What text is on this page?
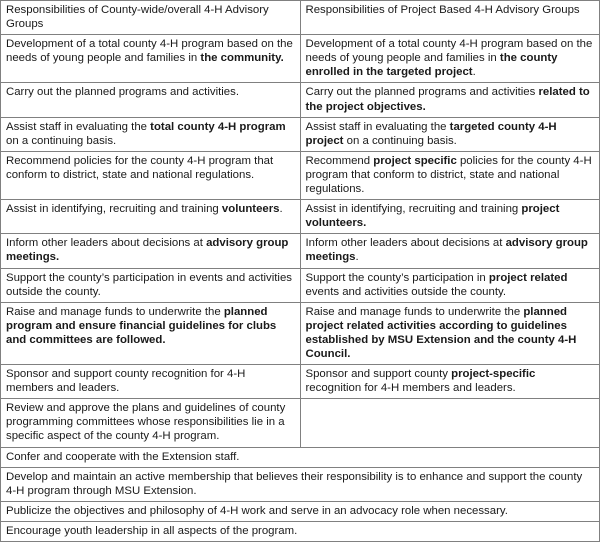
Responsibilities of County-wide/overall 4-H Advisory Groups	Responsibilities of Project Based 4-H Advisory Groups
Development of a total county 4-H program based on the needs of young people and families in the community.	Development of a total county 4-H program based on the needs of young people and families in the county enrolled in the targeted project.
Carry out the planned programs and activities.	Carry out the planned programs and activities related to the project objectives.
Assist staff in evaluating the total county 4-H program on a continuing basis.	Assist staff in evaluating the targeted county 4-H project on a continuing basis.
Recommend policies for the county 4-H program that conform to district, state and national regulations.	Recommend project specific policies for the county 4-H program that conform to district, state and national regulations.
Assist in identifying, recruiting and training volunteers.	Assist in identifying, recruiting and training project volunteers.
Inform other leaders about decisions at advisory group meetings.	Inform other leaders about decisions at advisory group meetings.
Support the county’s participation in events and activities outside the county.	Support the county’s participation in project related events and activities outside the county.
Raise and manage funds to underwrite the planned program and ensure financial guidelines for clubs and committees are followed.	Raise and manage funds to underwrite the planned project related activities according to guidelines established by MSU Extension and the county 4-H Council.
Sponsor and support county recognition for 4-H members and leaders.	Sponsor and support county project-specific recognition for 4-H members and leaders.
Review and approve the plans and guidelines of county programming committees whose responsibilities lie in a specific aspect of the county 4-H program.	
Confer and cooperate with the Extension staff.	
Develop and maintain an active membership that believes their responsibility is to enhance and support the county 4-H program through MSU Extension.	
Publicize the objectives and philosophy of 4-H work and serve in an advocacy role when necessary.	
Encourage youth leadership in all aspects of the program.	
